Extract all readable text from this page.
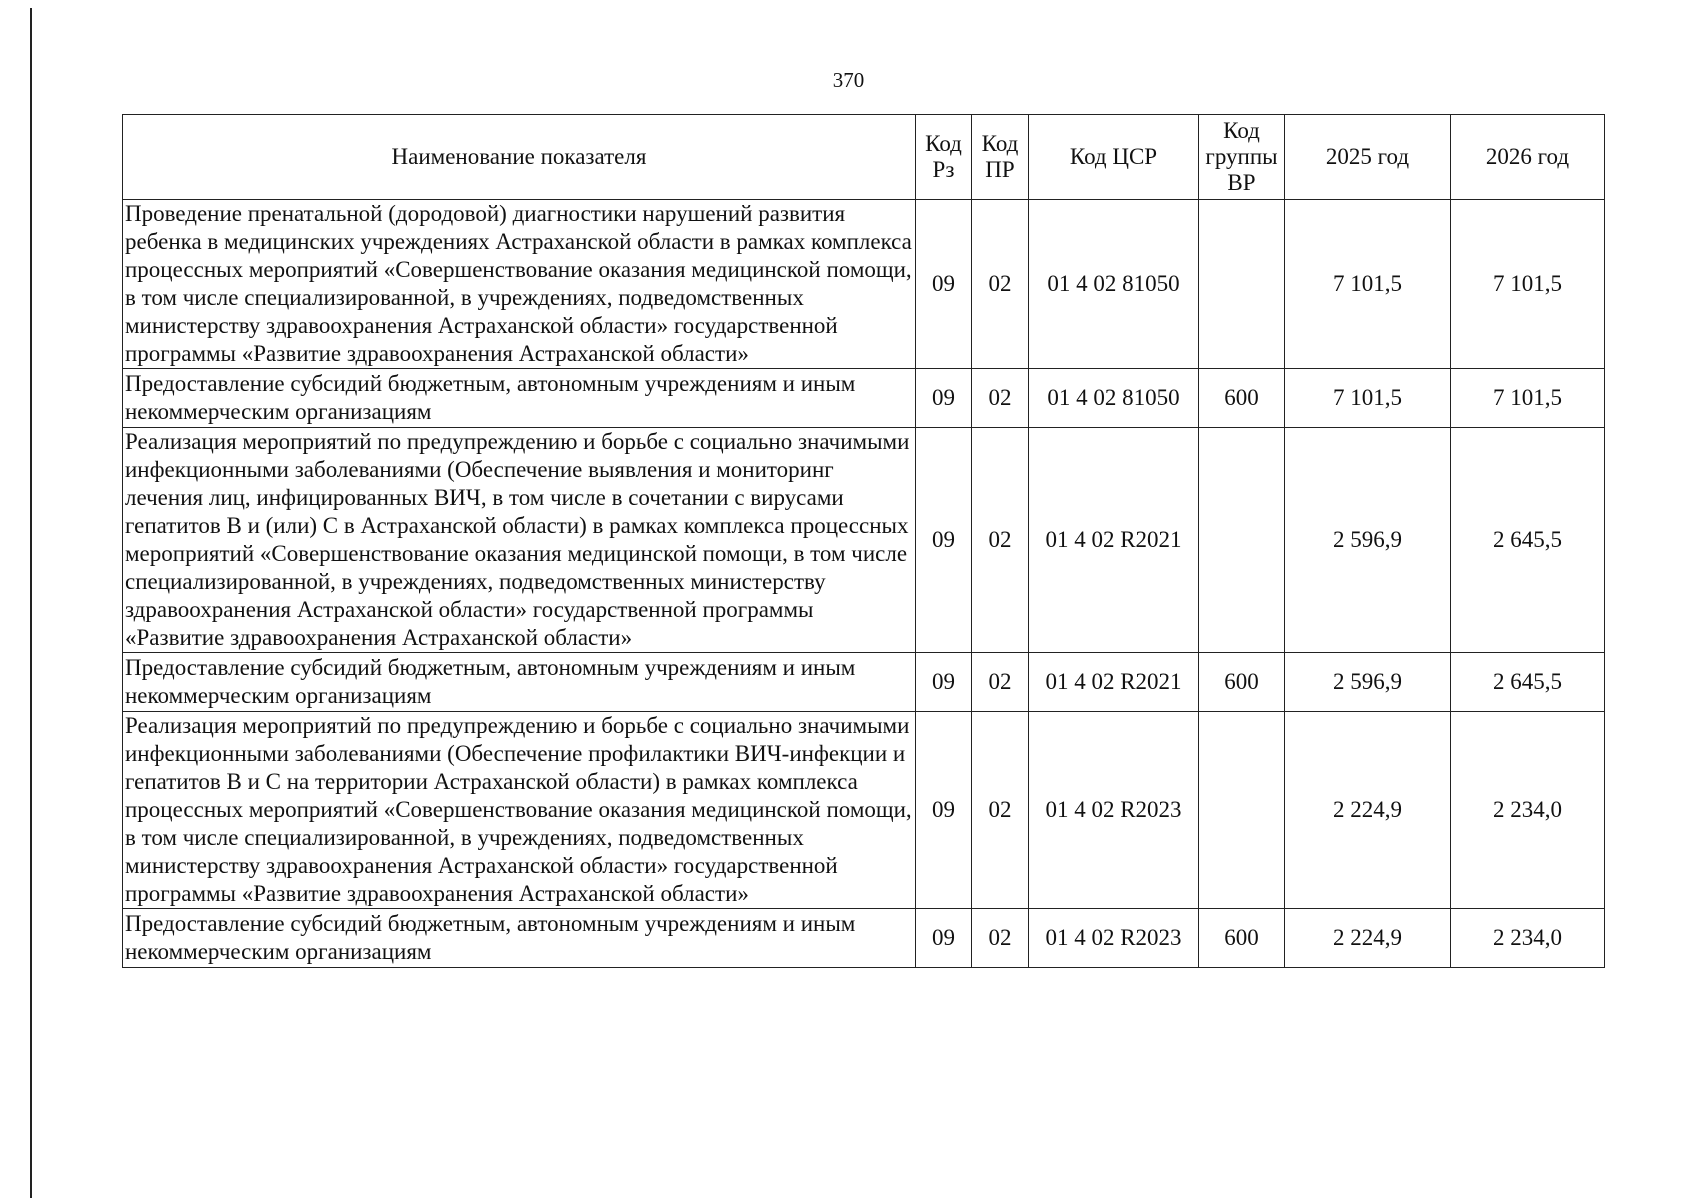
370
Наименование показателя	Код Рз	Код ПР	Код ЦСР	Код группы ВР	2025 год	2026 год
Проведение пренатальной (дородовой) диагностики нарушений развития ребенка в медицинских учреждениях Астраханской области в рамках комплекса процессных мероприятий «Совершенствование оказания медицинской помощи, в том числе специализированной, в учреждениях, подведомственных министерству здравоохранения Астраханской области» государственной программы «Развитие здравоохранения Астраханской области»	09	02	01 4 02 81050		7 101,5	7 101,5
Предоставление субсидий бюджетным, автономным учреждениям и иным некоммерческим организациям	09	02	01 4 02 81050	600	7 101,5	7 101,5
Реализация мероприятий по предупреждению и борьбе с социально значимыми инфекционными заболеваниями (Обеспечение выявления и мониторинг лечения лиц, инфицированных ВИЧ, в том числе в сочетании с вирусами гепатитов B и (или) C в Астраханской области) в рамках комплекса процессных мероприятий «Совершенствование оказания медицинской помощи, в том числе специализированной, в учреждениях, подведомственных министерству здравоохранения Астраханской области» государственной программы «Развитие здравоохранения Астраханской области»	09	02	01 4 02 R2021		2 596,9	2 645,5
Предоставление субсидий бюджетным, автономным учреждениям и иным некоммерческим организациям	09	02	01 4 02 R2021	600	2 596,9	2 645,5
Реализация мероприятий по предупреждению и борьбе с социально значимыми инфекционными заболеваниями (Обеспечение профилактики ВИЧ-инфекции и гепатитов B и C на территории Астраханской области) в рамках комплекса процессных мероприятий «Совершенствование оказания медицинской помощи, в том числе специализированной, в учреждениях, подведомственных министерству здравоохранения Астраханской области» государственной программы «Развитие здравоохранения Астраханской области»	09	02	01 4 02 R2023		2 224,9	2 234,0
Предоставление субсидий бюджетным, автономным учреждениям и иным некоммерческим организациям	09	02	01 4 02 R2023	600	2 224,9	2 234,0
